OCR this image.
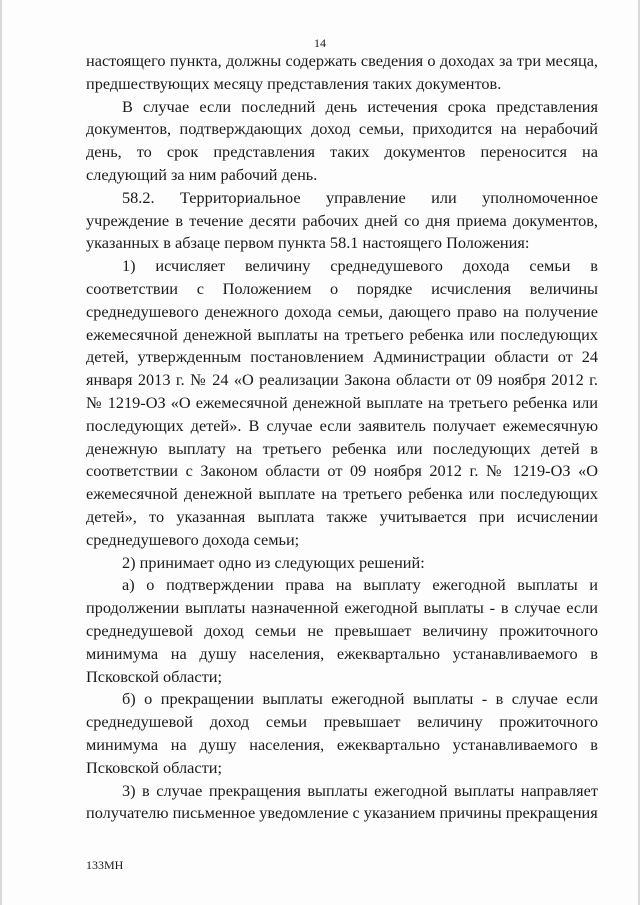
14

настоящего пункта, должны содержать сведения о доходах за три месяца, предшествующих месяцу представления таких документов.

В случае если последний день истечения срока представления документов, подтверждающих доход семьи, приходится на нерабочий день, то срок представления таких документов переносится на следующий за ним рабочий день.

58.2. Территориальное управление или уполномоченное учреждение в течение десяти рабочих дней со дня приема документов, указанных в абзаце первом пункта 58.1 настоящего Положения:

1) исчисляет величину среднедушевого дохода семьи в соответствии с Положением о порядке исчисления величины среднедушевого денежного дохода семьи, дающего право на получение ежемесячной денежной выплаты на третьего ребенка или последующих детей, утвержденным постановлением Администрации области от 24 января 2013 г. № 24 «О реализации Закона области от 09 ноября 2012 г. № 1219-ОЗ «О ежемесячной денежной выплате на третьего ребенка или последующих детей». В случае если заявитель получает ежемесячную денежную выплату на третьего ребенка или последующих детей в соответствии с Законом области от 09 ноября 2012 г. № 1219-ОЗ «О ежемесячной денежной выплате на третьего ребенка или последующих детей», то указанная выплата также учитывается при исчислении среднедушевого дохода семьи;

2) принимает одно из следующих решений:

а) о подтверждении права на выплату ежегодной выплаты и продолжении выплаты назначенной ежегодной выплаты - в случае если среднедушевой доход семьи не превышает величину прожиточного минимума на душу населения, ежеквартально устанавливаемого в Псковской области;

б) о прекращении выплаты ежегодной выплаты - в случае если среднедушевой доход семьи превышает величину прожиточного минимума на душу населения, ежеквартально устанавливаемого в Псковской области;

3) в случае прекращения выплаты ежегодной выплаты направляет получателю письменное уведомление с указанием причины прекращения

133МН
